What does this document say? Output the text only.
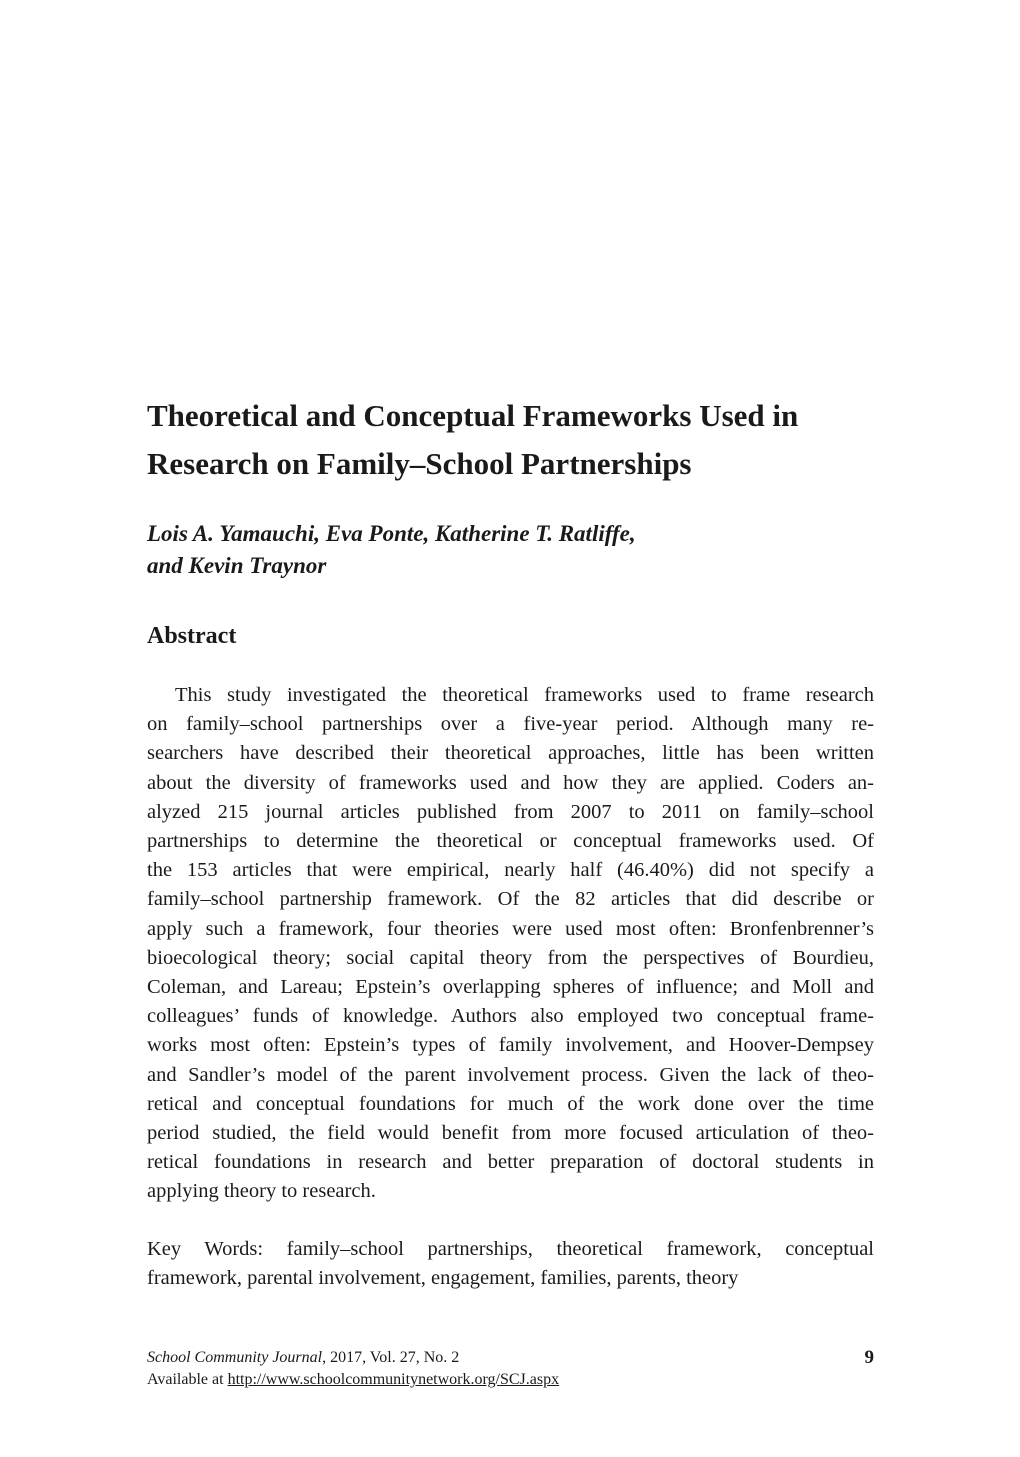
Theoretical and Conceptual Frameworks Used in
Research on Family–School Partnerships
Lois A. Yamauchi, Eva Ponte, Katherine T. Ratliffe,
and Kevin Traynor
Abstract
This study investigated the theoretical frameworks used to frame research
on family–school partnerships over a five-year period. Although many re-
searchers have described their theoretical approaches, little has been written
about the diversity of frameworks used and how they are applied. Coders an-
alyzed 215 journal articles published from 2007 to 2011 on family–school
partnerships to determine the theoretical or conceptual frameworks used. Of
the 153 articles that were empirical, nearly half (46.40%) did not specify a
family–school partnership framework. Of the 82 articles that did describe or
apply such a framework, four theories were used most often: Bronfenbrenner’s
bioecological theory; social capital theory from the perspectives of Bourdieu,
Coleman, and Lareau; Epstein’s overlapping spheres of influence; and Moll and
colleagues’ funds of knowledge. Authors also employed two conceptual frame-
works most often: Epstein’s types of family involvement, and Hoover-Dempsey
and Sandler’s model of the parent involvement process. Given the lack of theo-
retical and conceptual foundations for much of the work done over the time
period studied, the field would benefit from more focused articulation of theo-
retical foundations in research and better preparation of doctoral students in
applying theory to research.
Key Words: family–school partnerships, theoretical framework, conceptual
framework, parental involvement, engagement, families, parents, theory
School Community Journal, 2017, Vol. 27, No. 2	9
Available at http://www.schoolcommunitynetwork.org/SCJ.aspx
